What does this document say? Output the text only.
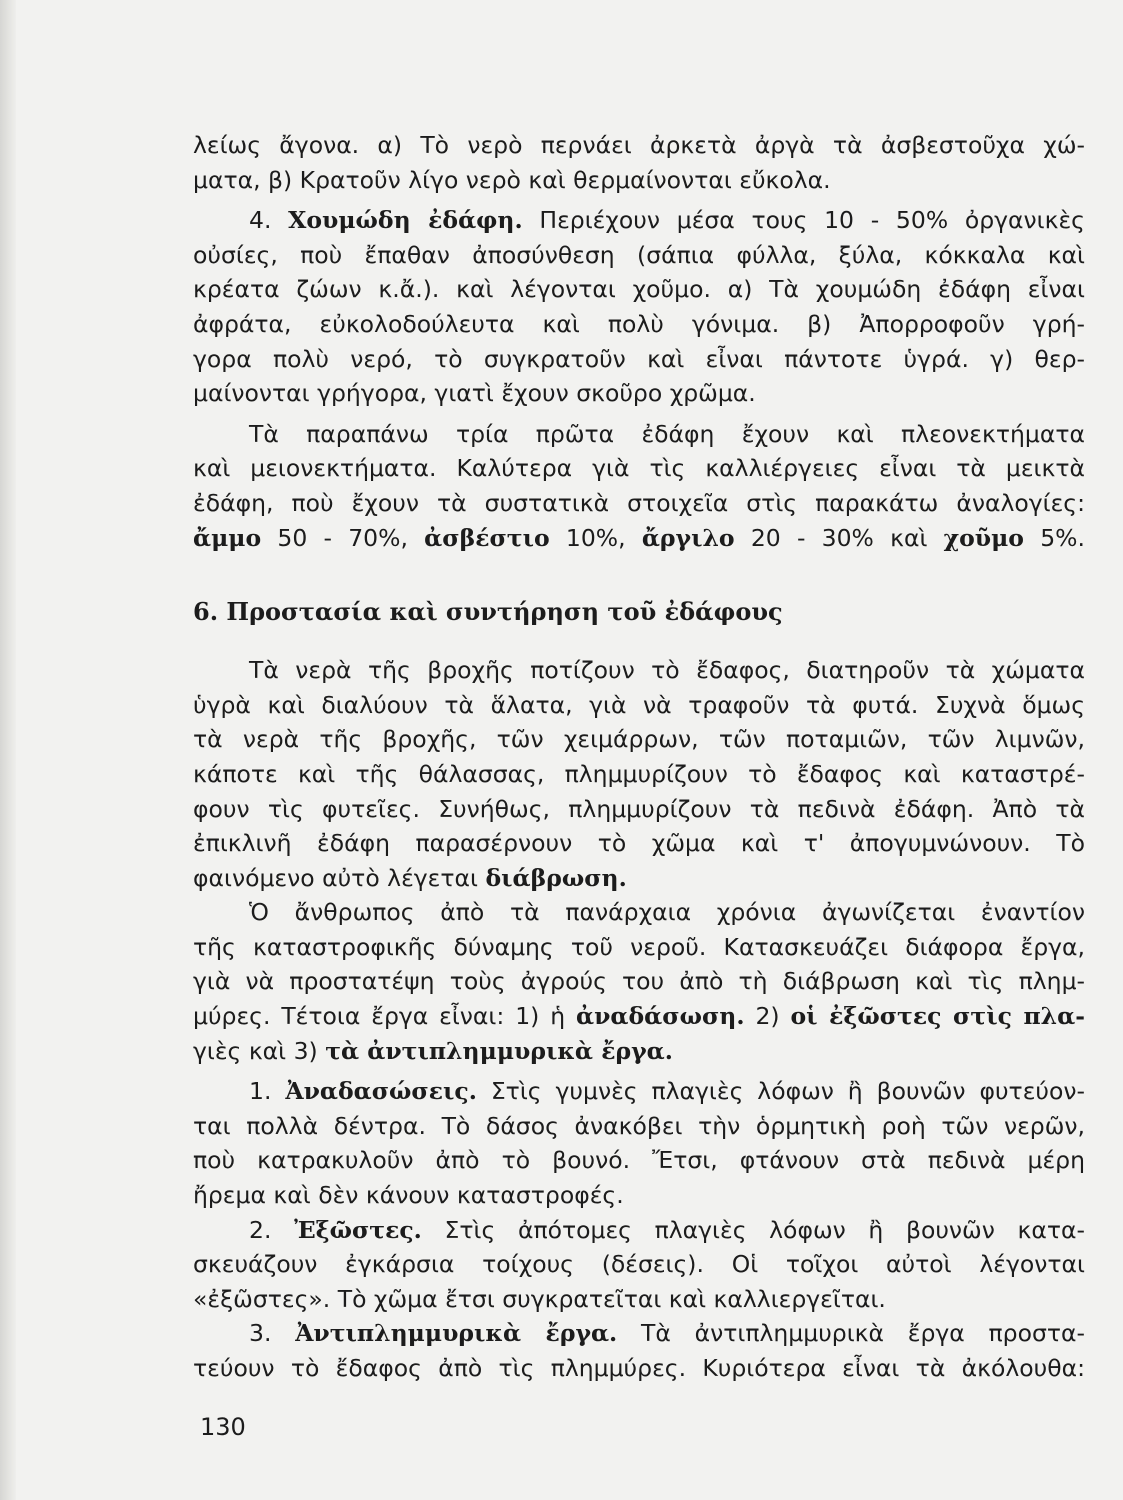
λείως ἄγονα. α) Τὸ νερὸ περνάει ἀρκετὰ ἀργὰ τὰ ἀσβεστοῦχα χώ-
ματα, β) Κρατοῦν λίγο νερὸ καὶ θερμαίνονται εὔκολα.
4. Χουμώδη ἐδάφη. Περιέχουν μέσα τους 10 - 50% ὀργανικὲς
οὐσίες, ποὺ ἔπαθαν ἀποσύνθεση (σάπια φύλλα, ξύλα, κόκκαλα καὶ
κρέατα ζώων κ.ἄ.). καὶ λέγονται χοῦμο. α) Τὰ χουμώδη ἐδάφη εἶναι
ἀφράτα, εὐκολοδούλευτα καὶ πολὺ γόνιμα. β) Ἀπορροφοῦν γρή-
γορα πολὺ νερό, τὸ συγκρατοῦν καὶ εἶναι πάντοτε ὑγρά. γ) θερ-
μαίνονται γρήγορα, γιατὶ ἔχουν σκοῦρο χρῶμα.
Τὰ παραπάνω τρία πρῶτα ἐδάφη ἔχουν καὶ πλεονεκτήματα
καὶ μειονεκτήματα. Καλύτερα γιὰ τὶς καλλιέργειες εἶναι τὰ μεικτὰ
ἐδάφη, ποὺ ἔχουν τὰ συστατικὰ στοιχεῖα στὶς παρακάτω ἀναλογίες:
ἄμμο 50 - 70%, ἀσβέστιο 10%, ἄργιλο 20 - 30% καὶ χοῦμο 5%.
6. Προστασία καὶ συντήρηση τοῦ ἐδάφους
Τὰ νερὰ τῆς βροχῆς ποτίζουν τὸ ἔδαφος, διατηροῦν τὰ χώματα
ὑγρὰ καὶ διαλύουν τὰ ἅλατα, γιὰ νὰ τραφοῦν τὰ φυτά. Συχνὰ ὅμως
τὰ νερὰ τῆς βροχῆς, τῶν χειμάρρων, τῶν ποταμιῶν, τῶν λιμνῶν,
κάποτε καὶ τῆς θάλασσας, πλημμυρίζουν τὸ ἔδαφος καὶ καταστρέ-
φουν τὶς φυτεῖες. Συνήθως, πλημμυρίζουν τὰ πεδινὰ ἐδάφη. Ἀπὸ τὰ
ἐπικλινῆ ἐδάφη παρασέρνουν τὸ χῶμα καὶ τ' ἀπογυμνώνουν. Τὸ
φαινόμενο αὐτὸ λέγεται διάβρωση.
Ὁ ἄνθρωπος ἀπὸ τὰ πανάρχαια χρόνια ἀγωνίζεται ἐναντίον
τῆς καταστροφικῆς δύναμης τοῦ νεροῦ. Κατασκευάζει διάφορα ἔργα,
γιὰ νὰ προστατέψη τοὺς ἀγρούς του ἀπὸ τὴ διάβρωση καὶ τὶς πλημ-
μύρες. Τέτοια ἔργα εἶναι: 1) ἡ ἀναδάσωση. 2) οἱ ἐξῶστες στὶς πλα-
γιὲς καὶ 3) τὰ ἀντιπλημμυρικὰ ἔργα.
1. Ἀναδασώσεις. Στὶς γυμνὲς πλαγιὲς λόφων ἢ βουνῶν φυτεύον-
ται πολλὰ δέντρα. Τὸ δάσος ἀνακόβει τὴν ὁρμητικὴ ροὴ τῶν νερῶν,
ποὺ κατρακυλοῦν ἀπὸ τὸ βουνό. Ἔτσι, φτάνουν στὰ πεδινὰ μέρη
ἤρεμα καὶ δὲν κάνουν καταστροφές.
2. Ἐξῶστες. Στὶς ἀπότομες πλαγιὲς λόφων ἢ βουνῶν κατα-
σκευάζουν ἐγκάρσια τοίχους (δέσεις). Οἱ τοῖχοι αὐτοὶ λέγονται
«ἐξῶστες». Τὸ χῶμα ἔτσι συγκρατεῖται καὶ καλλιεργεῖται.
3. Ἀντιπλημμυρικὰ ἔργα. Τὰ ἀντιπλημμυρικὰ ἔργα προστα-
τεύουν τὸ ἔδαφος ἀπὸ τὶς πλημμύρες. Κυριότερα εἶναι τὰ ἀκόλουθα:
130
